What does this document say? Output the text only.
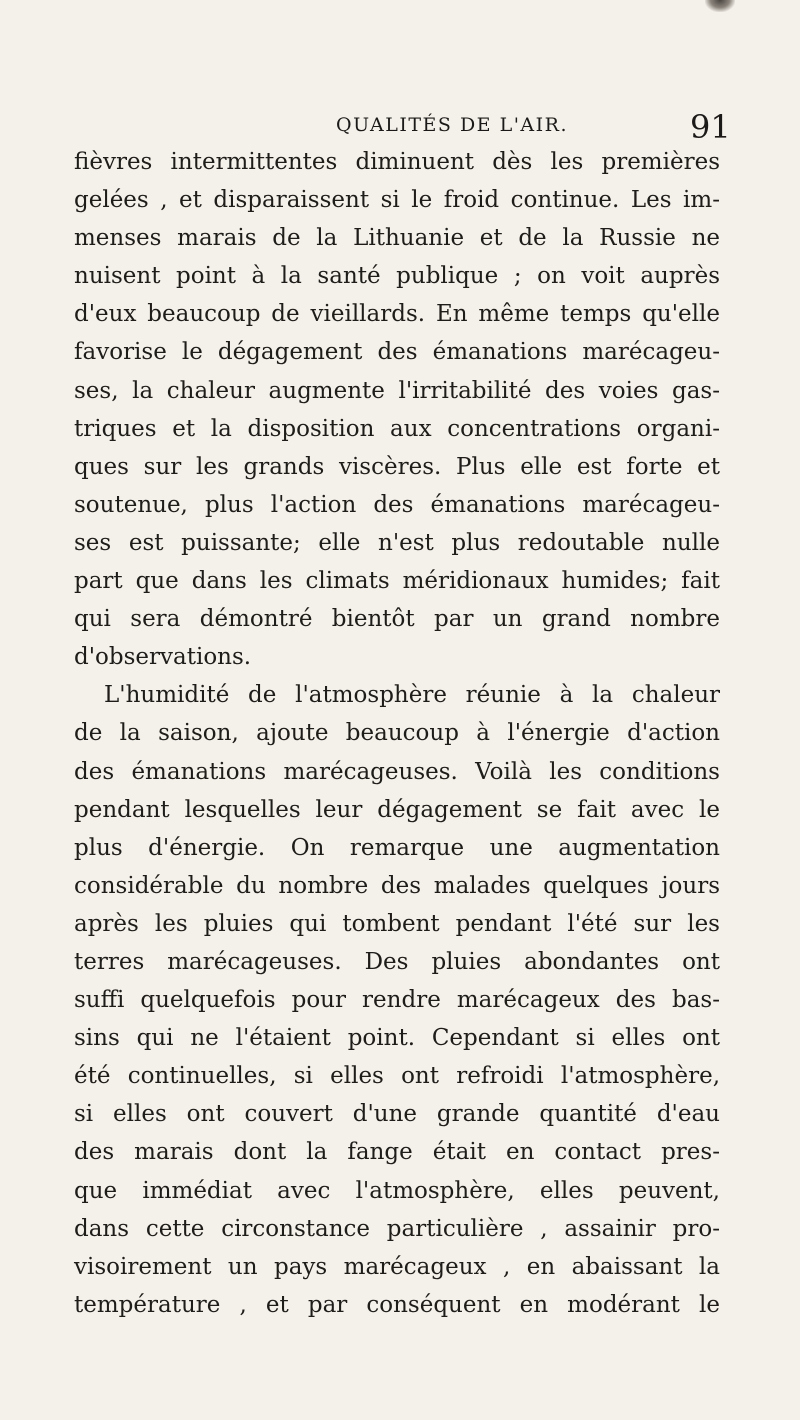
QUALITÉS DE L'AIR.	91
fièvres intermittentes diminuent dès les premières
gelées , et disparaissent si le froid continue. Les im-
menses marais de la Lithuanie et de la Russie ne
nuisent point à la santé publique ; on voit auprès
d'eux beaucoup de vieillards. En même temps qu'elle
favorise le dégagement des émanations marécageu-
ses, la chaleur augmente l'irritabilité des voies gas-
triques et la disposition aux concentrations organi-
ques sur les grands viscères. Plus elle est forte et
soutenue, plus l'action des émanations marécageu-
ses est puissante; elle n'est plus redoutable nulle
part que dans les climats méridionaux humides; fait
qui sera démontré bientôt par un grand nombre
d'observations.
L'humidité de l'atmosphère réunie à la chaleur
de la saison, ajoute beaucoup à l'énergie d'action
des émanations marécageuses. Voilà les conditions
pendant lesquelles leur dégagement se fait avec le
plus d'énergie. On remarque une augmentation
considérable du nombre des malades quelques jours
après les pluies qui tombent pendant l'été sur les
terres marécageuses. Des pluies abondantes ont
suffi quelquefois pour rendre marécageux des bas-
sins qui ne l'étaient point. Cependant si elles ont
été continuelles, si elles ont refroidi l'atmosphère,
si elles ont couvert d'une grande quantité d'eau
des marais dont la fange était en contact pres-
que immédiat avec l'atmosphère, elles peuvent,
dans cette circonstance particulière , assainir pro-
visoirement un pays marécageux , en abaissant la
température , et par conséquent en modérant le
